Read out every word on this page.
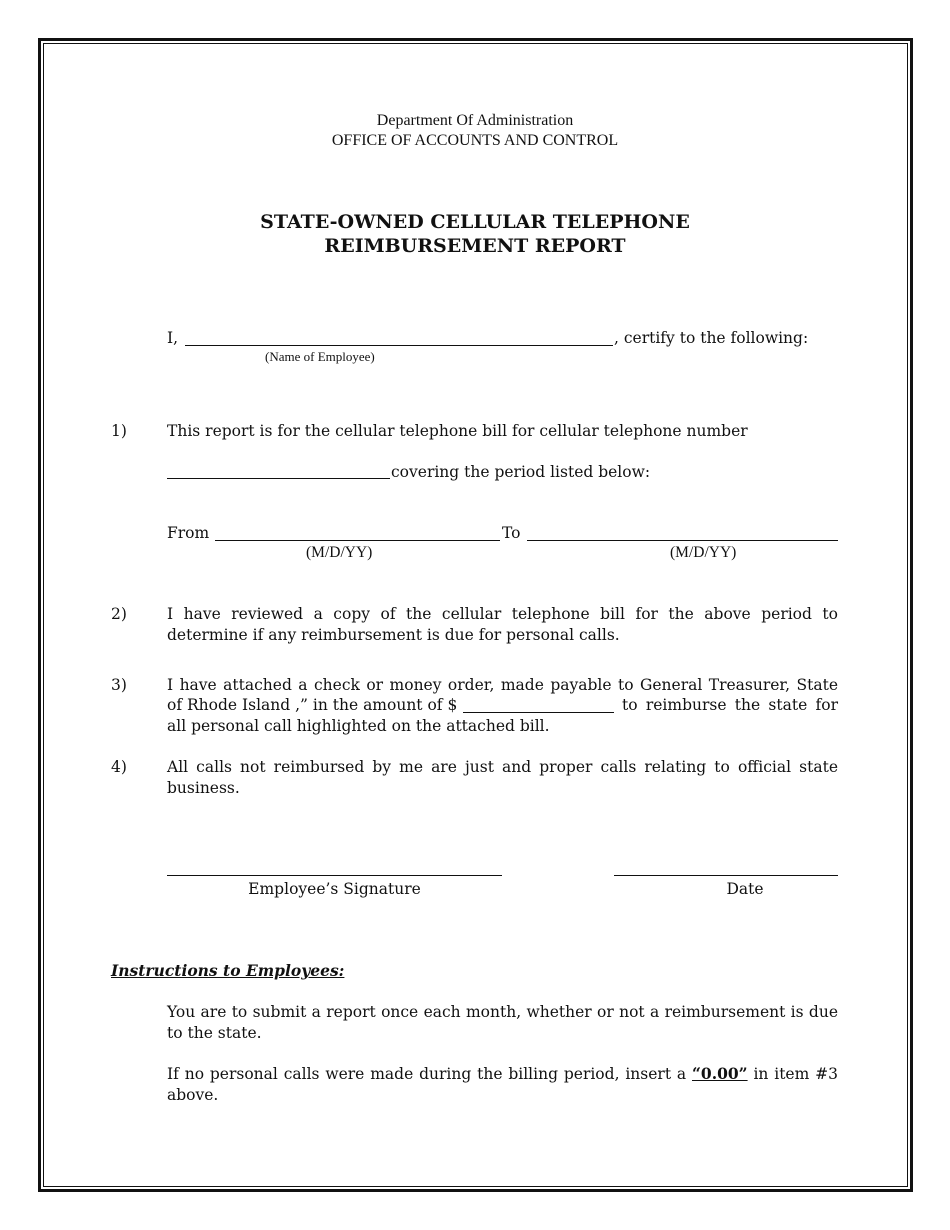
Department Of Administration
OFFICE OF ACCOUNTS AND CONTROL
STATE-OWNED CELLULAR TELEPHONE
REIMBURSEMENT REPORT
I,	, certify to the following:
(Name of Employee)
1)	This report is for the cellular telephone bill for cellular telephone number
covering the period listed below:
From	To
(M/D/YY)	(M/D/YY)
2)	I have reviewed a copy of the cellular telephone bill for the above period to determine if any reimbursement is due for personal calls.
3)	I have attached a check or money order, made payable to General Treasurer, State
of Rhode Island ,” in the amount of $	to reimburse the state for
all personal call highlighted on the attached bill.
4)	All calls not reimbursed by me are just and proper calls relating to official state business.
Employee’s Signature	Date
Instructions to Employees:
You are to submit a report once each month, whether or not a reimbursement is due to the state.
If no personal calls were made during the billing period, insert a “0.00” in item #3
above.
